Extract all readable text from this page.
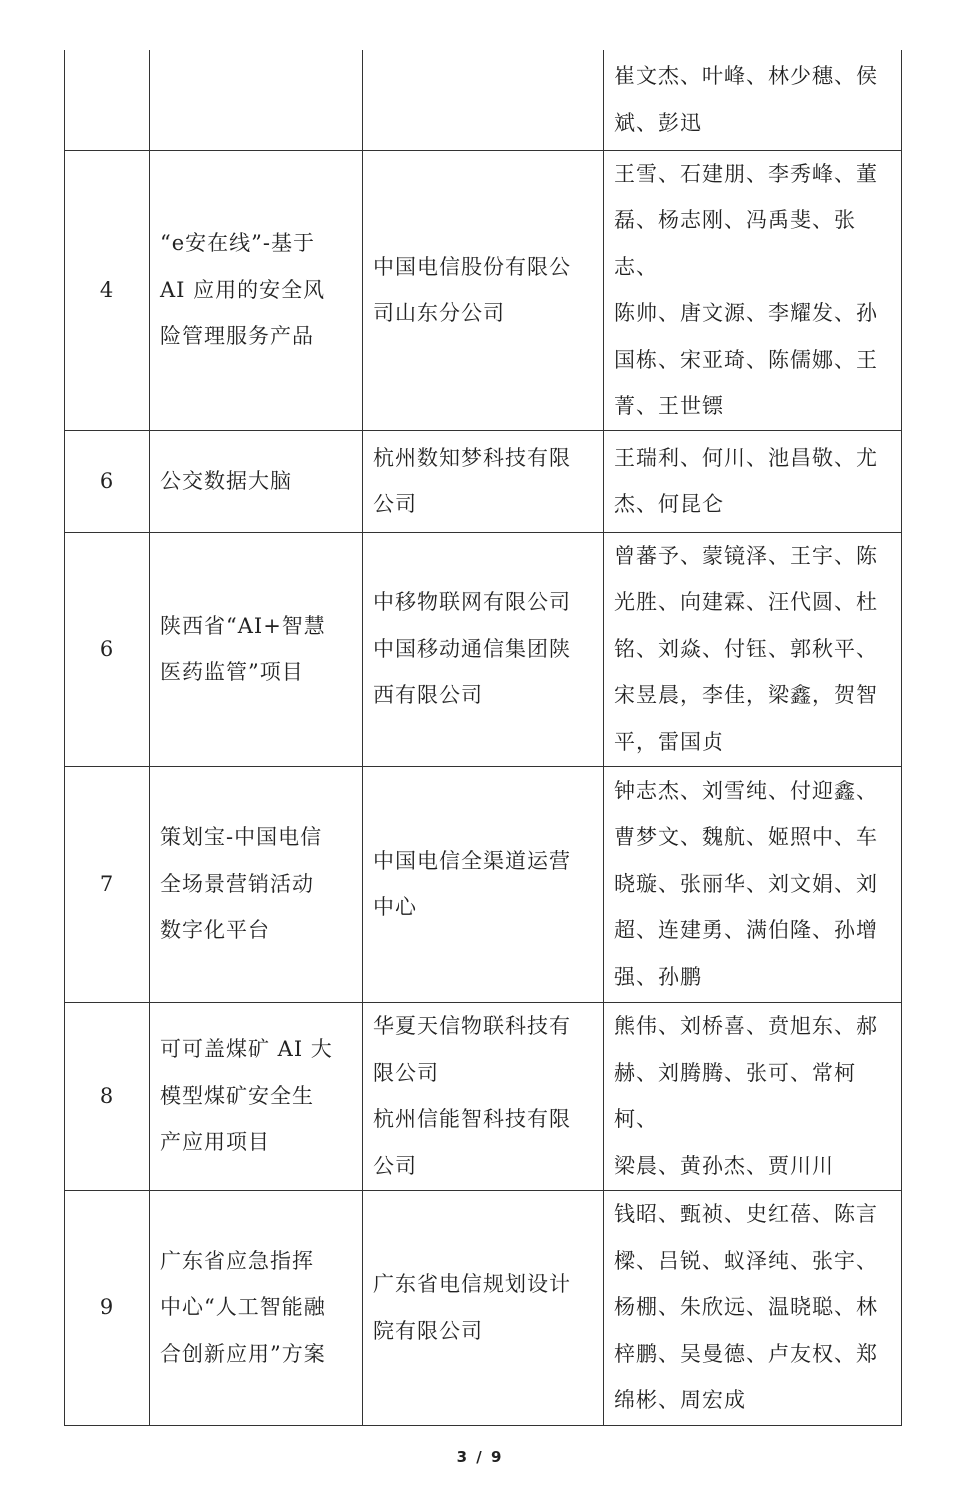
			崔文杰、叶峰、林少穗、侯
斌、彭迅
4	“e安在线”-基于
AI 应用的安全风
险管理服务产品	中国电信股份有限公
司山东分公司	王雪、石建朋、李秀峰、董
磊、杨志刚、冯禹斐、张志、
陈帅、唐文源、李耀发、孙
国栋、宋亚琦、陈儒娜、王
菁、王世镖
6	公交数据大脑	杭州数知梦科技有限
公司	王瑞利、何川、池昌敬、尤
杰、何昆仑
6	陕西省“AI+智慧
医药监管”项目	中移物联网有限公司
中国移动通信集团陕
西有限公司	曾蕃予、蒙镜泽、王宇、陈
光胜、向建霖、汪代圆、杜
铭、刘焱、付钰、郭秋平、
宋昱晨，李佳，梁鑫，贺智
平，雷国贞
7	策划宝-中国电信
全场景营销活动
数字化平台	中国电信全渠道运营
中心	钟志杰、刘雪纯、付迎鑫、
曹梦文、魏航、姬照中、车
晓璇、张丽华、刘文娟、刘
超、连建勇、满伯隆、孙增
强、孙鹏
8	可可盖煤矿 AI 大
模型煤矿安全生
产应用项目	华夏天信物联科技有
限公司
杭州信能智科技有限
公司	熊伟、刘桥喜、贲旭东、郝
赫、刘腾腾、张可、常柯柯、
梁晨、黄孙杰、贾川川
9	广东省应急指挥
中心“人工智能融
合创新应用”方案	广东省电信规划设计
院有限公司	钱昭、甄祯、史红蓓、陈言
樑、吕锐、蚁泽纯、张宇、
杨棚、朱欣远、温晓聪、林
梓鹏、吴曼德、卢友权、郑
绵彬、周宏成
3 / 9
